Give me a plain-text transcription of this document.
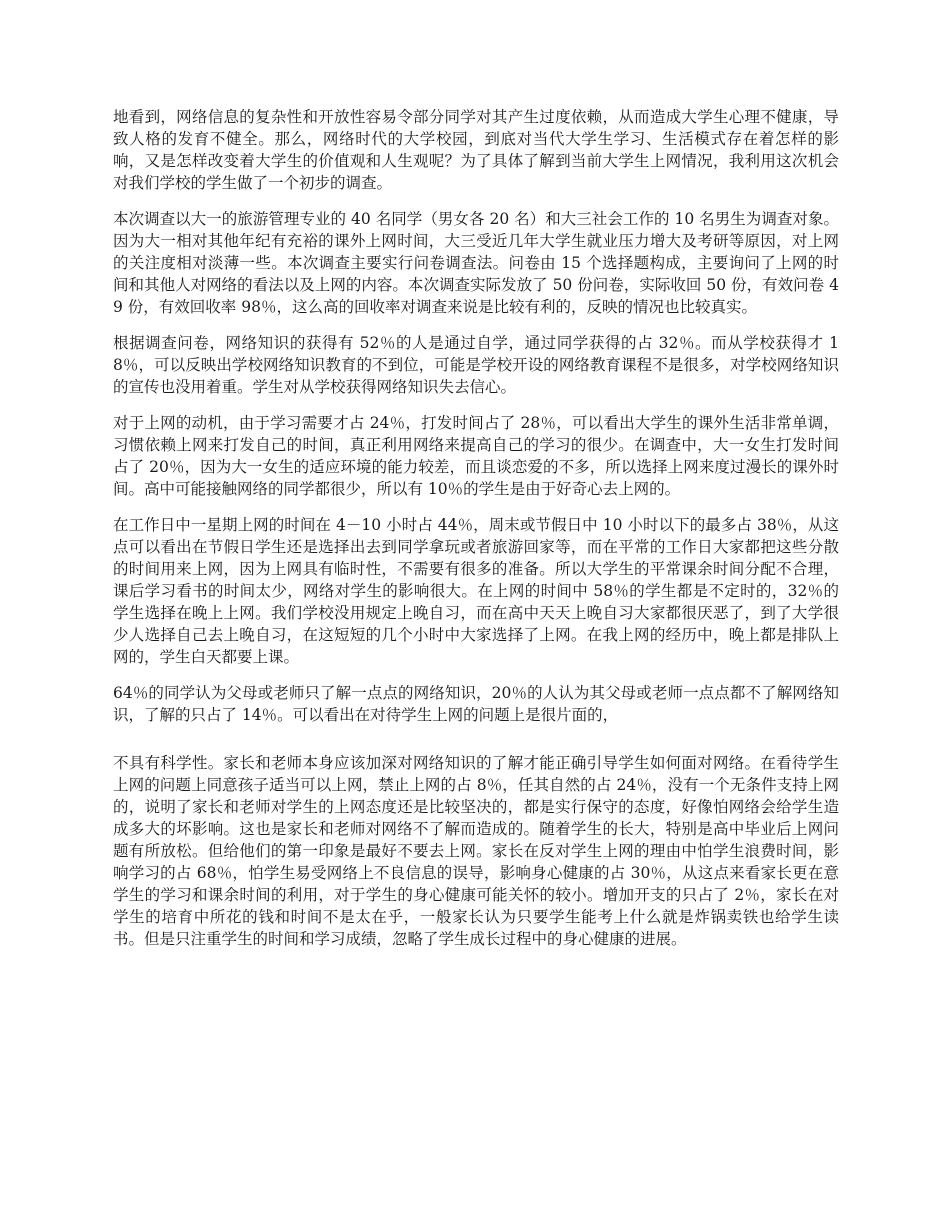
地看到，网络信息的复杂性和开放性容易令部分同学对其产生过度依赖，从而造成大学生心理不健康，导致人格的发育不健全。那么，网络时代的大学校园，到底对当代大学生学习、生活模式存在着怎样的影响，又是怎样改变着大学生的价值观和人生观呢？为了具体了解到当前大学生上网情况，我利用这次机会对我们学校的学生做了一个初步的调查。

本次调查以大一的旅游管理专业的 40 名同学（男女各 20 名）和大三社会工作的 10 名男生为调查对象。因为大一相对其他年纪有充裕的课外上网时间，大三受近几年大学生就业压力增大及考研等原因，对上网的关注度相对淡薄一些。本次调查主要实行问卷调查法。问卷由 15 个选择题构成，主要询问了上网的时间和其他人对网络的看法以及上网的内容。本次调查实际发放了 50 份问卷，实际收回 50 份，有效问卷 49 份，有效回收率 98％，这么高的回收率对调查来说是比较有利的，反映的情况也比较真实。

根据调查问卷，网络知识的获得有 52％的人是通过自学，通过同学获得的占 32％。而从学校获得才 18％，可以反映出学校网络知识教育的不到位，可能是学校开设的网络教育课程不是很多，对学校网络知识的宣传也没用着重。学生对从学校获得网络知识失去信心。

对于上网的动机，由于学习需要才占 24％，打发时间占了 28％，可以看出大学生的课外生活非常单调，习惯依赖上网来打发自己的时间，真正利用网络来提高自己的学习的很少。在调查中，大一女生打发时间占了 20％，因为大一女生的适应环境的能力较差，而且谈恋爱的不多，所以选择上网来度过漫长的课外时间。高中可能接触网络的同学都很少，所以有 10％的学生是由于好奇心去上网的。

在工作日中一星期上网的时间在 4－10 小时占 44％，周末或节假日中 10 小时以下的最多占 38％，从这点可以看出在节假日学生还是选择出去到同学拿玩或者旅游回家等，而在平常的工作日大家都把这些分散的时间用来上网，因为上网具有临时性，不需要有很多的准备。所以大学生的平常课余时间分配不合理，课后学习看书的时间太少，网络对学生的影响很大。在上网的时间中 58％的学生都是不定时的，32％的学生选择在晚上上网。我们学校没用规定上晚自习，而在高中天天上晚自习大家都很厌恶了，到了大学很少人选择自己去上晚自习，在这短短的几个小时中大家选择了上网。在我上网的经历中，晚上都是排队上网的，学生白天都要上课。

64％的同学认为父母或老师只了解一点点的网络知识，20％的人认为其父母或老师一点点都不了解网络知识，了解的只占了 14％。可以看出在对待学生上网的问题上是很片面的，

不具有科学性。家长和老师本身应该加深对网络知识的了解才能正确引导学生如何面对网络。在看待学生上网的问题上同意孩子适当可以上网，禁止上网的占 8％，任其自然的占 24％，没有一个无条件支持上网的，说明了家长和老师对学生的上网态度还是比较坚决的，都是实行保守的态度，好像怕网络会给学生造成多大的坏影响。这也是家长和老师对网络不了解而造成的。随着学生的长大，特别是高中毕业后上网问题有所放松。但给他们的第一印象是最好不要去上网。家长在反对学生上网的理由中怕学生浪费时间，影响学习的占 68％，怕学生易受网络上不良信息的误导，影响身心健康的占 30％，从这点来看家长更在意学生的学习和课余时间的利用，对于学生的身心健康可能关怀的较小。增加开支的只占了 2％，家长在对学生的培育中所花的钱和时间不是太在乎，一般家长认为只要学生能考上什么就是炸锅卖铁也给学生读书。但是只注重学生的时间和学习成绩，忽略了学生成长过程中的身心健康的进展。
